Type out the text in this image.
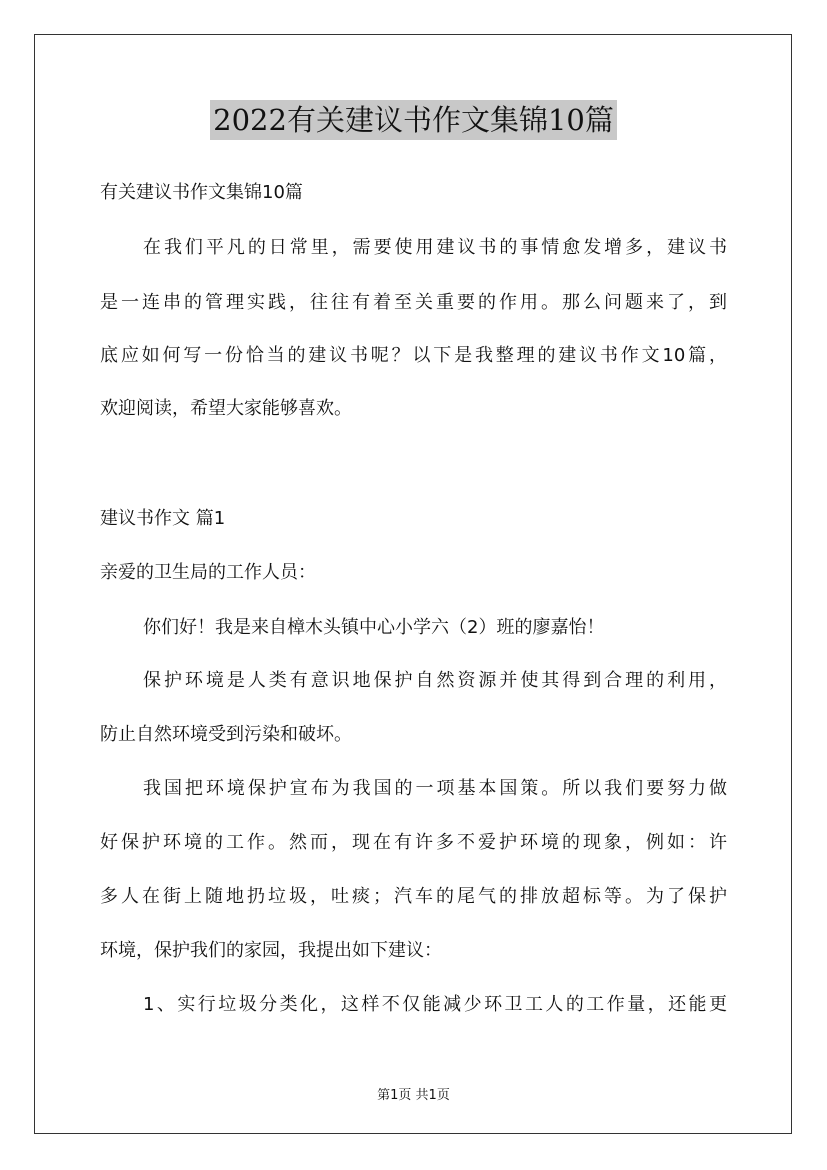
2022有关建议书作文集锦10篇
有关建议书作文集锦10篇
在我们平凡的日常里，需要使用建议书的事情愈发增多，建议书
是一连串的管理实践，往往有着至关重要的作用。那么问题来了，到
底应如何写一份恰当的建议书呢？以下是我整理的建议书作文10篇，
欢迎阅读，希望大家能够喜欢。
建议书作文 篇1
亲爱的卫生局的工作人员：
你们好！我是来自樟木头镇中心小学六（2）班的廖嘉怡！
保护环境是人类有意识地保护自然资源并使其得到合理的利用，
防止自然环境受到污染和破坏。
我国把环境保护宣布为我国的一项基本国策。所以我们要努力做
好保护环境的工作。然而，现在有许多不爱护环境的现象，例如：许
多人在街上随地扔垃圾，吐痰；汽车的尾气的排放超标等。为了保护
环境，保护我们的家园，我提出如下建议：
1、实行垃圾分类化，这样不仅能减少环卫工人的工作量，还能更
第1页 共1页
